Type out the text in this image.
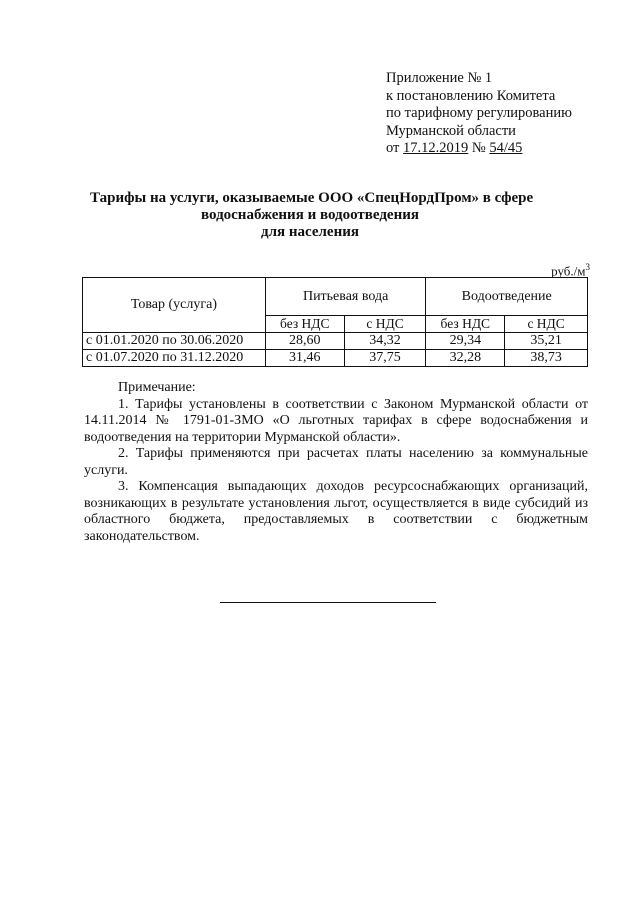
Приложение № 1
к постановлению Комитета
по тарифному регулированию
Мурманской области
от 17.12.2019 № 54/45
Тарифы на услуги, оказываемые ООО «СпецНордПром» в сфере
водоснабжения и водоотведения
для населения
$руб./м^3$
Товар (услуга)	Питьевая вода		Водоотведение	
	без НДС	с НДС	без НДС	с НДС
с 01.01.2020 по 30.06.2020	28,60	34,32	29,34	35,21
с 01.07.2020 по 31.12.2020	31,46	37,75	32,28	38,73
Примечание:

1. Тарифы установлены в соответствии с Законом Мурманской области от 14.11.2014 № 1791-01-ЗМО «О льготных тарифах в сфере водоснабжения и водоотведения на территории Мурманской области».

2. Тарифы применяются при расчетах платы населению за коммунальные услуги.

3. Компенсация выпадающих доходов ресурсоснабжающих организаций, возникающих в результате установления льгот, осуществляется в виде субсидий из областного бюджета, предоставляемых в соответствии с бюджетным законодательством.
